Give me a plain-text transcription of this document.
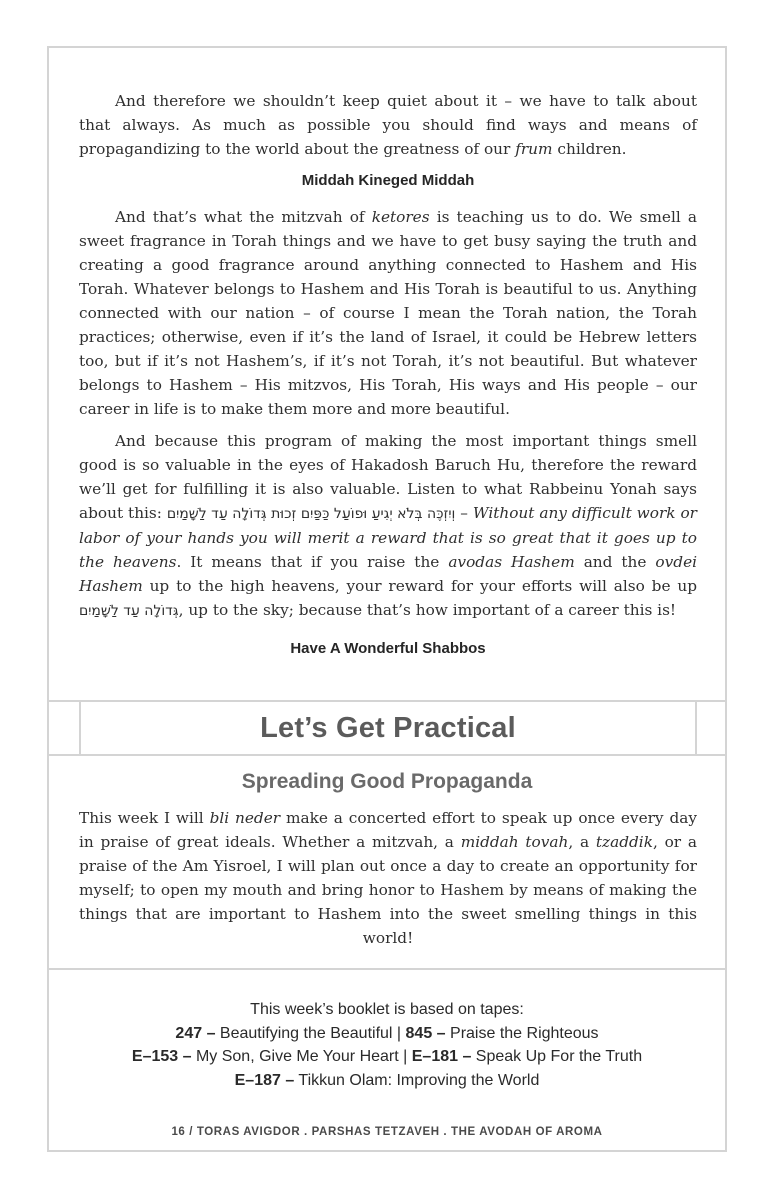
And therefore we shouldn’t keep quiet about it – we have to talk about that always. As much as possible you should find ways and means of propagandizing to the world about the greatness of our frum children.

Middah Kineged Middah

And that’s what the mitzvah of ketores is teaching us to do. We smell a sweet fragrance in Torah things and we have to get busy saying the truth and creating a good fragrance around anything connected to Hashem and His Torah. Whatever belongs to Hashem and His Torah is beautiful to us. Anything connected with our nation – of course I mean the Torah nation, the Torah practices; otherwise, even if it’s the land of Israel, it could be Hebrew letters too, but if it’s not Hashem’s, if it’s not Torah, it’s not beautiful. But whatever belongs to Hashem – His mitzvos, His Torah, His ways and His people – our career in life is to make them more and more beautiful.

And because this program of making the most important things smell good is so valuable in the eyes of Hakadosh Baruch Hu, therefore the reward we’ll get for fulfilling it is also valuable. Listen to what Rabbeinu Yonah says about this: וְיִזְכֶּה בְּלֹא יְגִיעַ וּפוֹעַל כַּפַּיִם זְכוּת גְּדוֹלָה עַד לַשָּׁמַיִם – Without any difficult work or labor of your hands you will merit a reward that is so great that it goes up to the heavens. It means that if you raise the avodas Hashem and the ovdei Hashem up to the high heavens, your reward for your efforts will also be up גְּדוֹלָה עַד לַשָּׁמַיִם, up to the sky; because that’s how important of a career this is!

Have A Wonderful Shabbos
Let’s Get Practical
Spreading Good Propaganda
This week I will bli neder make a concerted effort to speak up once every day in praise of great ideals. Whether a mitzvah, a middah tovah, a tzaddik, or a praise of the Am Yisroel, I will plan out once a day to create an opportunity for myself; to open my mouth and bring honor to Hashem by means of making the things that are important to Hashem into the sweet smelling things in this world!
This week’s booklet is based on tapes:
247 – Beautifying the Beautiful | 845 – Praise the Righteous
E–153 – My Son, Give Me Your Heart | E–181 – Speak Up For the Truth
E–187 – Tikkun Olam: Improving the World
16 / TORAS AVIGDOR . PARSHAS TETZAVEH . THE AVODAH OF AROMA
